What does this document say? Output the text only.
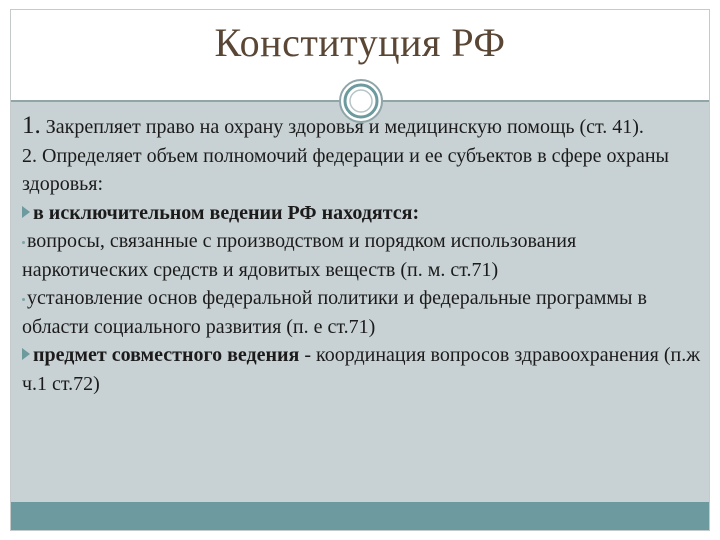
Конституция РФ

1. Закрепляет право на охрану здоровья и медицинскую помощь (ст. 41).

2. Определяет объем полномочий федерации и ее субъектов в сфере охраны здоровья:

в исключительном ведении РФ находятся:

вопросы, связанные с производством и порядком использования наркотических средств и ядовитых веществ (п. м. ст.71)

установление основ федеральной политики и федеральные программы в области социального развития (п. е ст.71)

предмет совместного ведения - координация вопросов здравоохранения (п.ж ч.1 ст.72)
